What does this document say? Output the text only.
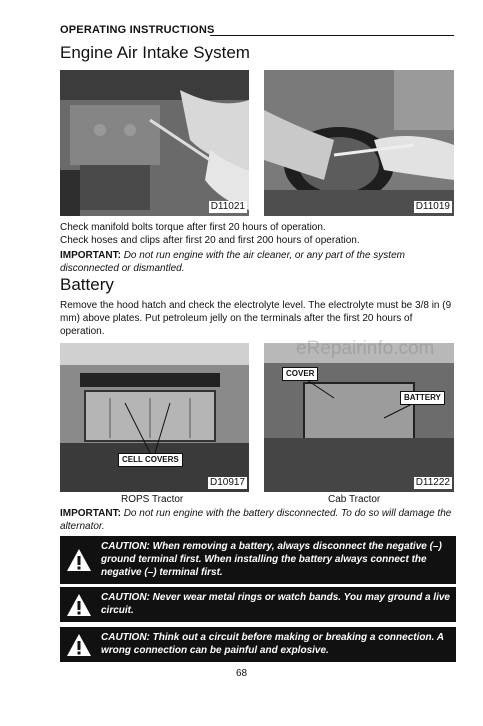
OPERATING INSTRUCTIONS
Engine Air Intake System
D11021	D11019
Check manifold bolts torque after first 20 hours of operation.
Check hoses and clips after first 20 and first 200 hours of operation.
IMPORTANT: Do not run engine with the air cleaner, or any part of the system disconnected or dismantled.
Battery
Remove the hood hatch and check the electrolyte level. The electrolyte must be 3/8 in (9 mm) above plates. Put petroleum jelly on the terminals after the first 20 hours of operation.
CELL COVERS
D10917
COVER
BATTERY
D11222
eRepairinfo.com
ROPS Tractor	Cab Tractor
IMPORTANT: Do not run engine with the battery disconnected. To do so will damage the alternator.
CAUTION: When removing a battery, always disconnect the negative (–) ground terminal first. When installing the battery always connect the negative (–) terminal first.
CAUTION: Never wear metal rings or watch bands. You may ground a live circuit.
CAUTION: Think out a circuit before making or breaking a connection. A wrong connection can be painful and explosive.
68
